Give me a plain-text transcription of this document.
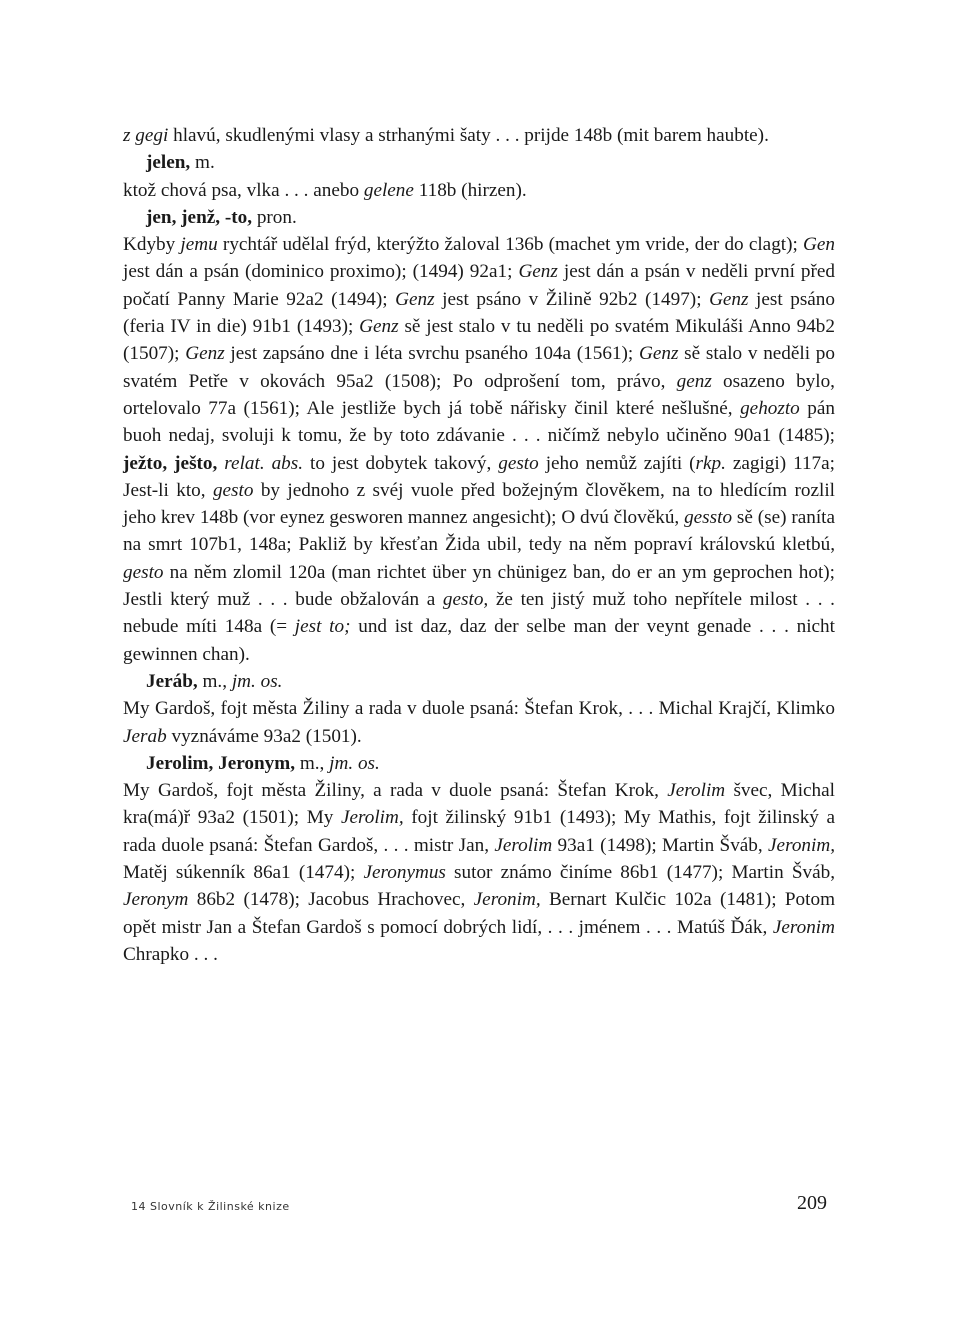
z gegi hlavú, skudlenými vlasy a strhanými šaty . . . prijde 148b (mit barem haubte).

jelen, m.

ktož chová psa, vlka . . . anebo gelene 118b (hirzen).

jen, jenž, -to, pron.

Kdyby jemu rychtář udělal frýd, kterýžto žaloval 136b (machet ym vride, der do clagt); Gen jest dán a psán (dominico proximo); (1494) 92a1; Genz jest dán a psán v neděli první před počatí Panny Marie 92a2 (1494); Genz jest psáno v Žilině 92b2 (1497); Genz jest psáno (feria IV in die) 91b1 (1493); Genz sě jest stalo v tu neděli po svatém Mikuláši Anno 94b2 (1507); Genz jest zapsáno dne i léta svrchu psaného 104a (1561); Genz sě stalo v neděli po svatém Petře v okovách 95a2 (1508); Po odprošení tom, právo, genz osazeno bylo, ortelovalo 77a (1561); Ale jestliže bych já tobě nářisky činil které nešlušné, gehozto pán buoh nedaj, svoluji k tomu, že by toto zdávanie . . . ničímž nebylo učiněno 90a1 (1485); ježto, ješto, relat. abs. to jest dobytek takový, gesto jeho nemůž zajíti (rkp. zagigi) 117a; Jest-li kto, gesto by jednoho z svéj vuole před božejným člověkem, na to hledícím rozlil jeho krev 148b (vor eynez gesworen mannez angesicht); O dvú člověkú, gessto sě (se) raníta na smrt 107b1, 148a; Pakliž by křesťan Žida ubil, tedy na něm popraví královskú kletbú, gesto na něm zlomil 120a (man richtet über yn chünigez ban, do er an ym geprochen hot); Jestli který muž . . . bude obžalován a gesto, že ten jistý muž toho nepřítele milost . . . nebude míti 148a (= jest to; und ist daz, daz der selbe man der veynt genade . . . nicht gewinnen chan).

Jeráb, m., jm. os.

My Gardoš, fojt města Žiliny a rada v duole psaná: Štefan Krok, . . . Michal Krajčí, Klimko Jerab vyznáváme 93a2 (1501).

Jerolim, Jeronym, m., jm. os.

My Gardoš, fojt města Žiliny, a rada v duole psaná: Štefan Krok, Jerolim švec, Michal kra(má)ř 93a2 (1501); My Jerolim, fojt žilinský 91b1 (1493); My Mathis, fojt žilinský a rada duole psaná: Štefan Gardoš, . . . mistr Jan, Jerolim 93a1 (1498); Martin Šváb, Jeronim, Matěj súkenník 86a1 (1474); Jeronymus sutor známo činíme 86b1 (1477); Martin Šváb, Jeronym 86b2 (1478); Jacobus Hrachovec, Jeronim, Bernart Kulčic 102a (1481); Potom opět mistr Jan a Štefan Gardoš s pomocí dobrých lidí, . . . jménem . . . Matúš Ďák, Jeronim Chrapko . . .

14 Slovník k Žilinské knize	209
